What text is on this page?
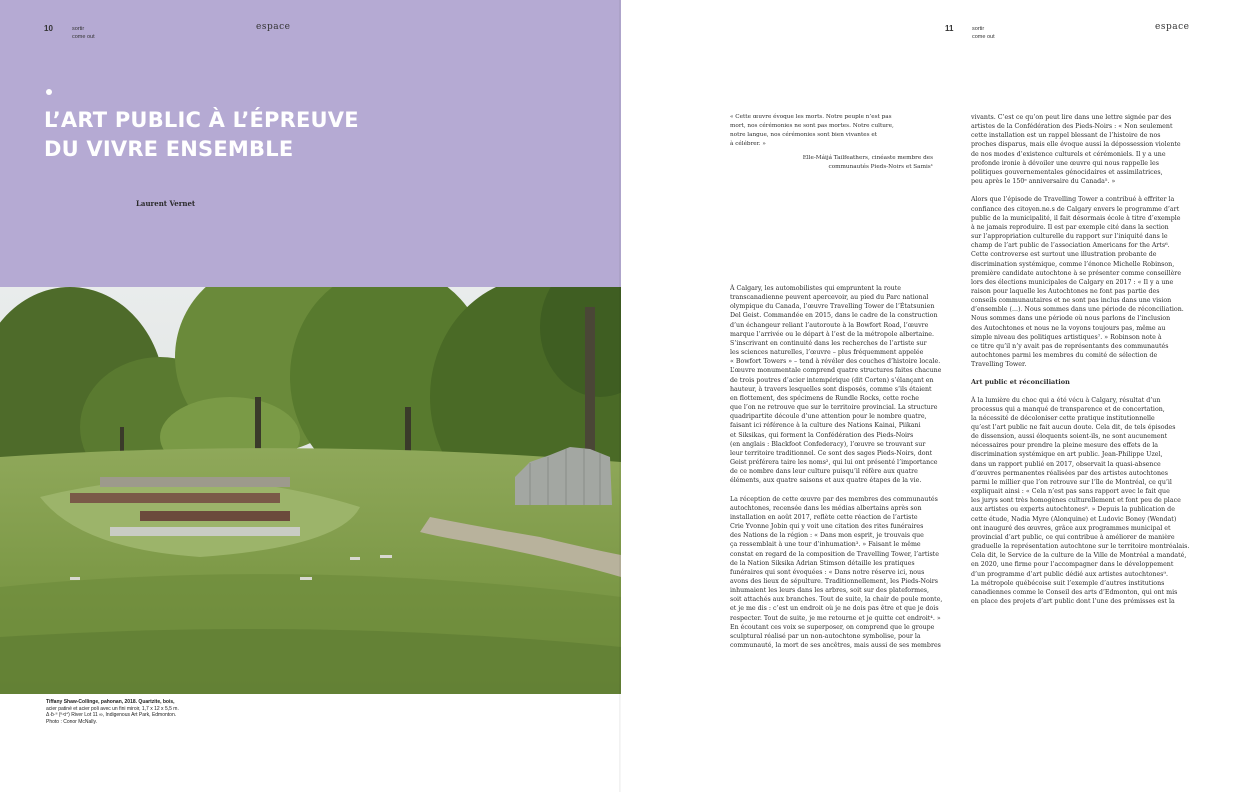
10	sortir
come out
espace
L’ART PUBLIC À L’ÉPREUVE
DU VIVRE ENSEMBLE
Laurent Vernet
Tiffany Shaw-Collinge, pahonan, 2018. Quartzite, bois,
acier patiné et acier poli avec un fini miroir, 1,7 x 12 x 5,5 m.
Δ·ḃ·ᐦ (ᐦᐊᐤ) River Lot 11 ∞, Indigenous Art Park, Edmonton.
Photo : Conor McNally.
11	sortir
come out
espace
« Cette œuvre évoque les morts. Notre peuple n’est pas
mort, nos cérémonies ne sont pas mortes. Notre culture,
notre langue, nos cérémonies sont bien vivantes et
à célébrer. »
Elle-Máijá Tailfeathers, cinéaste membre des
communautés Pieds-Noirs et Samis¹
À Calgary, les automobilistes qui empruntent la route
transcanadienne peuvent apercevoir, au pied du Parc national
olympique du Canada, l’œuvre Travelling Tower de l’Étatsunien
Del Geist. Commandée en 2015, dans le cadre de la construction
d’un échangeur reliant l’autoroute à la Bowfort Road, l’œuvre
marque l’arrivée ou le départ à l’est de la métropole albertaine.
S’inscrivant en continuité dans les recherches de l’artiste sur
les sciences naturelles, l’œuvre – plus fréquemment appelée
« Bowfort Towers » – tend à révéler des couches d’histoire locale.
L’œuvre monumentale comprend quatre structures faites chacune
de trois poutres d’acier intempérique (dit Corten) s’élançant en
hauteur, à travers lesquelles sont disposés, comme s’ils étaient
en flottement, des spécimens de Rundle Rocks, cette roche
que l’on ne retrouve que sur le territoire provincial. La structure
quadripartite découle d’une attention pour le nombre quatre,
faisant ici référence à la culture des Nations Kainai, Piikani
et Siksikas, qui forment la Confédération des Pieds-Noirs
(en anglais : Blackfoot Confederacy), l’œuvre se trouvant sur
leur territoire traditionnel. Ce sont des sages Pieds-Noirs, dont
Geist préférera taire les noms², qui lui ont présenté l’importance
de ce nombre dans leur culture puisqu’il réfère aux quatre
éléments, aux quatre saisons et aux quatre étapes de la vie.

La réception de cette œuvre par des membres des communautés
autochtones, recensée dans les médias albertains après son
installation en août 2017, reflète cette réaction de l’artiste
Crie Yvonne Jobin qui y voit une citation des rites funéraires
des Nations de la région : « Dans mon esprit, je trouvais que
ça ressemblait à une tour d’inhumation³. » Faisant le même
constat en regard de la composition de Travelling Tower, l’artiste
de la Nation Siksika Adrian Stimson détaille les pratiques
funéraires qui sont évoquées : « Dans notre réserve ici, nous
avons des lieux de sépulture. Traditionnellement, les Pieds-Noirs
inhumaient les leurs dans les arbres, soit sur des plateformes,
soit attachés aux branches. Tout de suite, la chair de poule monte,
et je me dis : c’est un endroit où je ne dois pas être et que je dois
respecter. Tout de suite, je me retourne et je quitte cet endroit⁴. »
En écoutant ces voix se superposer, on comprend que le groupe
sculptural réalisé par un non-autochtone symbolise, pour la
communauté, la mort de ses ancêtres, mais aussi de ses membres
vivants. C’est ce qu’on peut lire dans une lettre signée par des
artistes de la Confédération des Pieds-Noirs : « Non seulement
cette installation est un rappel blessant de l’histoire de nos
proches disparus, mais elle évoque aussi la dépossession violente
de nos modes d’existence culturels et cérémoniels. Il y a une
profonde ironie à dévoiler une œuvre qui nous rappelle les
politiques gouvernementales génocidaires et assimilatrices,
peu après le 150ᵉ anniversaire du Canada⁵. »

Alors que l’épisode de Travelling Tower a contribué à effriter la
confiance des citoyen.ne.s de Calgary envers le programme d’art
public de la municipalité, il fait désormais école à titre d’exemple
à ne jamais reproduire. Il est par exemple cité dans la section
sur l’appropriation culturelle du rapport sur l’iniquité dans le
champ de l’art public de l’association Americans for the Arts⁶.
Cette controverse est surtout une illustration probante de
discrimination systémique, comme l’énonce Michelle Robinson,
première candidate autochtone à se présenter comme conseillère
lors des élections municipales de Calgary en 2017 : « Il y a une
raison pour laquelle les Autochtones ne font pas partie des
conseils communautaires et ne sont pas inclus dans une vision
d’ensemble (...). Nous sommes dans une période de réconciliation.
Nous sommes dans une période où nous parlons de l’inclusion
des Autochtones et nous ne la voyons toujours pas, même au
simple niveau des politiques artistiques⁷. » Robinson note à
ce titre qu’il n’y avait pas de représentants des communautés
autochtones parmi les membres du comité de sélection de
Travelling Tower.
Art public et réconciliation
À la lumière du choc qui a été vécu à Calgary, résultat d’un
processus qui a manqué de transparence et de concertation,
la nécessité de décoloniser cette pratique institutionnelle
qu’est l’art public ne fait aucun doute. Cela dit, de tels épisodes
de dissension, aussi éloquents soient-ils, ne sont aucunement
nécessaires pour prendre la pleine mesure des effets de la
discrimination systémique en art public. Jean-Philippe Uzel,
dans un rapport publié en 2017, observait la quasi-absence
d’œuvres permanentes réalisées par des artistes autochtones
parmi le millier que l’on retrouve sur l’île de Montréal, ce qu’il
expliquait ainsi : « Cela n’est pas sans rapport avec le fait que
les jurys sont très homogènes culturellement et font peu de place
aux artistes ou experts autochtones⁸. » Depuis la publication de
cette étude, Nadia Myre (Alonquine) et Ludovic Boney (Wendat)
ont inauguré des œuvres, grâce aux programmes municipal et
provincial d’art public, ce qui contribue à améliorer de manière
graduelle la représentation autochtone sur le territoire montréalais.
Cela dit, le Service de la culture de la Ville de Montréal a mandaté,
en 2020, une firme pour l’accompagner dans le développement
d’un programme d’art public dédié aux artistes autochtones⁹.
La métropole québécoise suit l’exemple d’autres institutions
canadiennes comme le Conseil des arts d’Edmonton, qui ont mis
en place des projets d’art public dont l’une des prémisses est la
